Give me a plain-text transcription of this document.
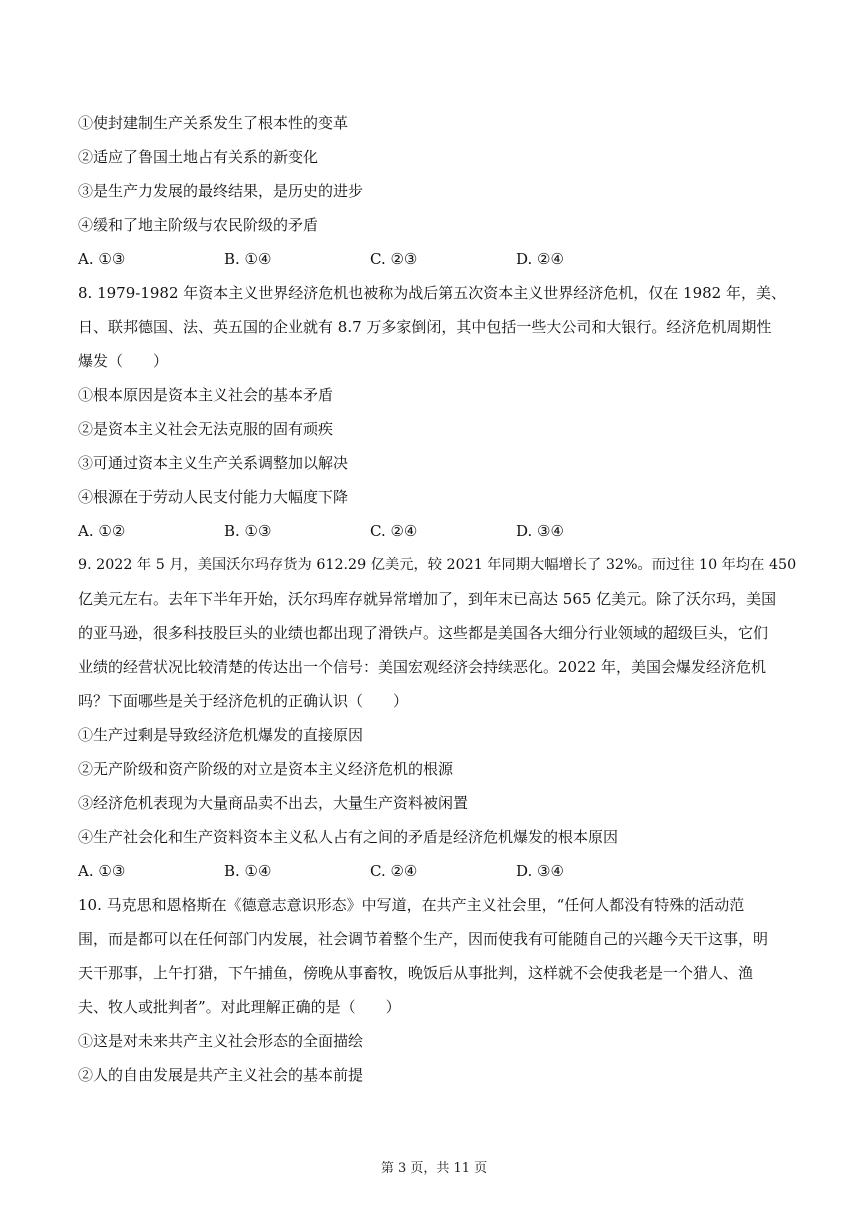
①使封建制生产关系发生了根本性的变革

②适应了鲁国土地占有关系的新变化

③是生产力发展的最终结果，是历史的进步

④缓和了地主阶级与农民阶级的矛盾

A. ①③	B. ①④	C. ②③	D. ②④

8. 1979-1982 年资本主义世界经济危机也被称为战后第五次资本主义世界经济危机，仅在 1982 年，美、

日、联邦德国、法、英五国的企业就有 8.7 万多家倒闭，其中包括一些大公司和大银行。经济危机周期性

爆发（　　）

①根本原因是资本主义社会的基本矛盾

②是资本主义社会无法克服的固有顽疾

③可通过资本主义生产关系调整加以解决

④根源在于劳动人民支付能力大幅度下降

A. ①②	B. ①③	C. ②④	D. ③④

9. 2022 年 5 月，美国沃尔玛存货为 612.29 亿美元，较 2021 年同期大幅增长了 32%。而过往 10 年均在 450

亿美元左右。去年下半年开始，沃尔玛库存就异常增加了，到年末已高达 565 亿美元。除了沃尔玛，美国

的亚马逊，很多科技股巨头的业绩也都出现了滑铁卢。这些都是美国各大细分行业领域的超级巨头，它们

业绩的经营状况比较清楚的传达出一个信号：美国宏观经济会持续恶化。2022 年，美国会爆发经济危机

吗？下面哪些是关于经济危机的正确认识（　　）

①生产过剩是导致经济危机爆发的直接原因

②无产阶级和资产阶级的对立是资本主义经济危机的根源

③经济危机表现为大量商品卖不出去，大量生产资料被闲置

④生产社会化和生产资料资本主义私人占有之间的矛盾是经济危机爆发的根本原因

A. ①③	B. ①④	C. ②④	D. ③④

10. 马克思和恩格斯在《德意志意识形态》中写道，在共产主义社会里，“任何人都没有特殊的活动范

围，而是都可以在任何部门内发展，社会调节着整个生产，因而使我有可能随自己的兴趣今天干这事，明

天干那事，上午打猎，下午捕鱼，傍晚从事畜牧，晚饭后从事批判，这样就不会使我老是一个猎人、渔

夫、牧人或批判者”。对此理解正确的是（　　）

①这是对未来共产主义社会形态的全面描绘

②人的自由发展是共产主义社会的基本前提

第 3 页，共 11 页
